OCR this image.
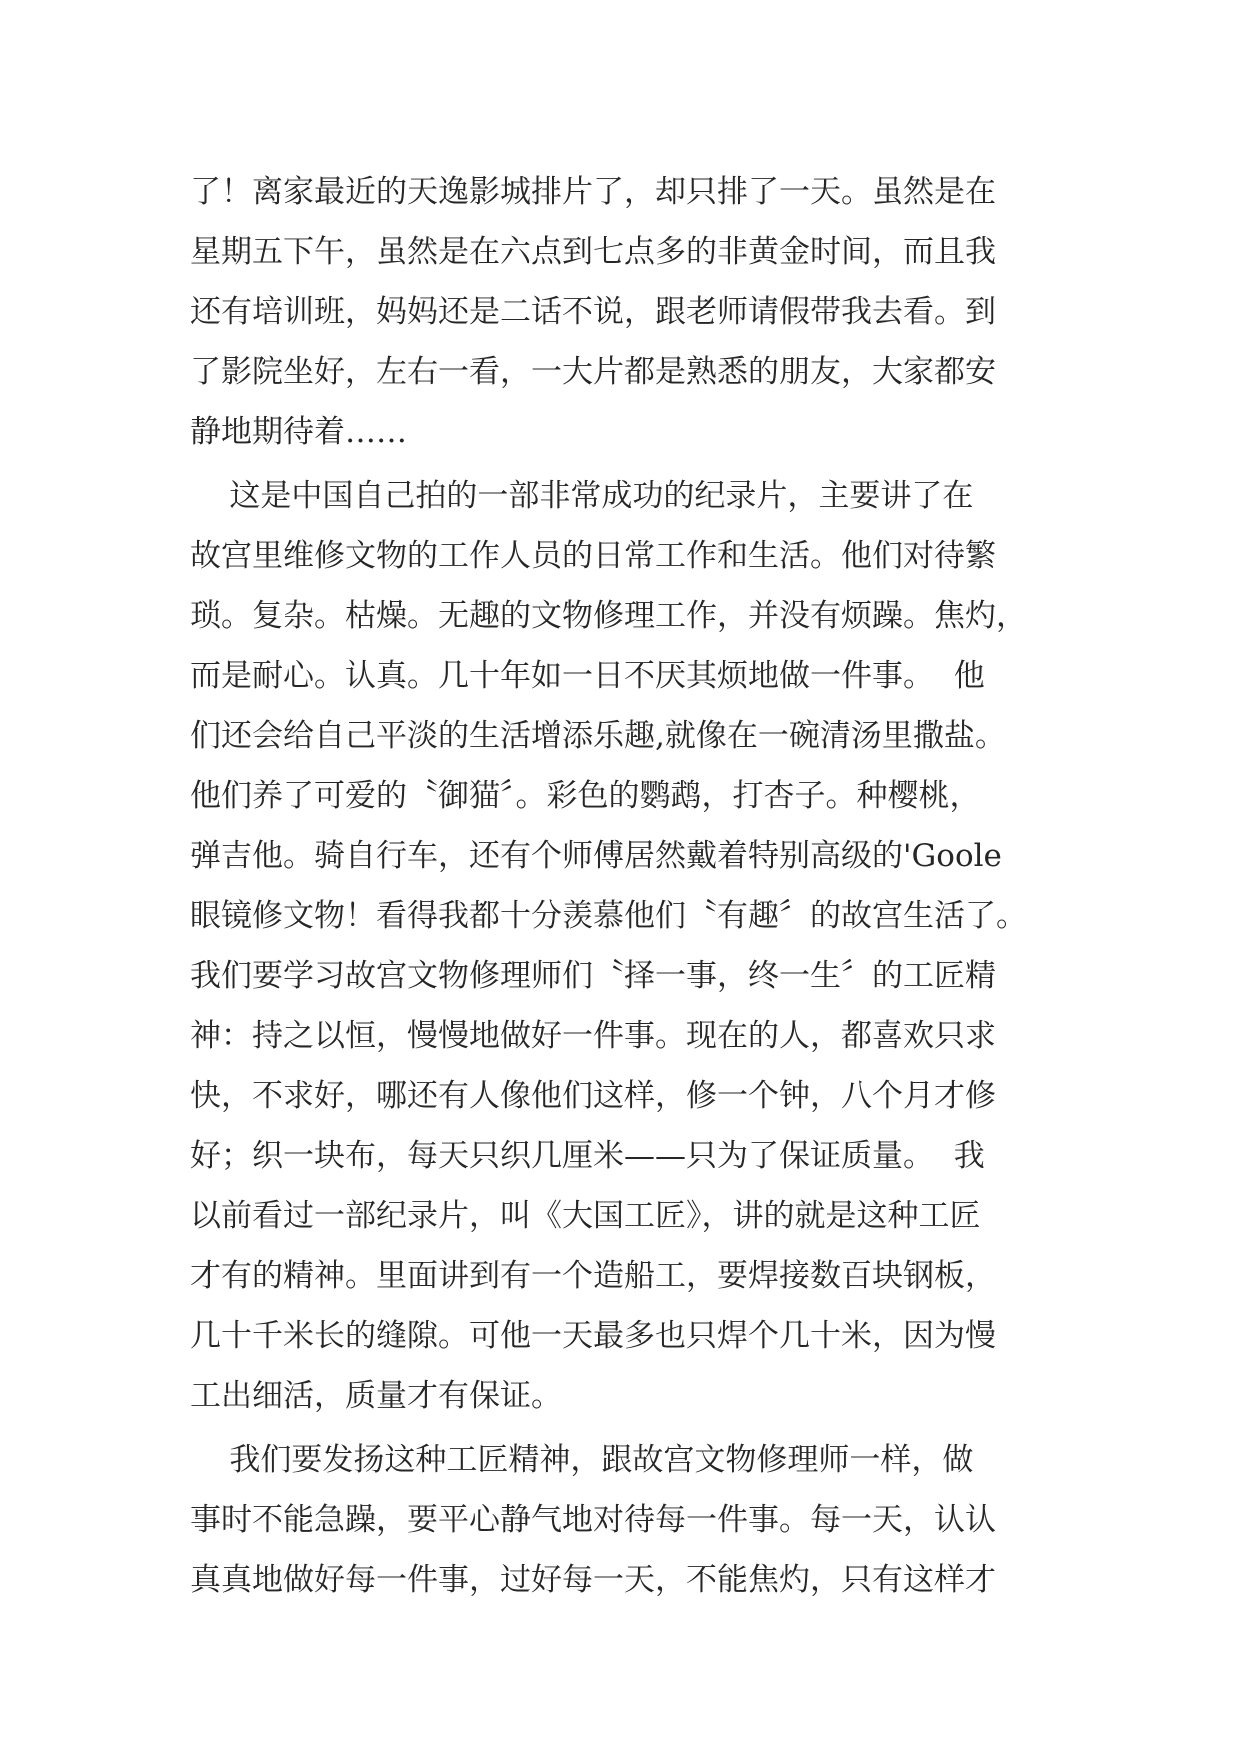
了！离家最近的天逸影城排片了，却只排了一天。虽然是在
星期五下午，虽然是在六点到七点多的非黄金时间，而且我
还有培训班，妈妈还是二话不说，跟老师请假带我去看。到
了影院坐好，左右一看，一大片都是熟悉的朋友，大家都安
静地期待着……
这是中国自己拍的一部非常成功的纪录片，主要讲了在
故宫里维修文物的工作人员的日常工作和生活。他们对待繁
琐。复杂。枯燥。无趣的文物修理工作，并没有烦躁。焦灼，
而是耐心。认真。几十年如一日不厌其烦地做一件事。  他
们还会给自己平淡的生活增添乐趣,就像在一碗清汤里撒盐。
他们养了可爱的〝御猫〞。彩色的鹦鹉，打杏子。种樱桃，
弹吉他。骑自行车，还有个师傅居然戴着特别高级的'Goole
眼镜修文物！看得我都十分羡慕他们〝有趣〞的故宫生活了。
我们要学习故宫文物修理师们〝择一事，终一生〞的工匠精
神：持之以恒，慢慢地做好一件事。现在的人，都喜欢只求
快，不求好，哪还有人像他们这样，修一个钟，八个月才修
好；织一块布，每天只织几厘米——只为了保证质量。  我
以前看过一部纪录片，叫《大国工匠》，讲的就是这种工匠
才有的精神。里面讲到有一个造船工，要焊接数百块钢板，
几十千米长的缝隙。可他一天最多也只焊个几十米，因为慢
工出细活，质量才有保证。
我们要发扬这种工匠精神，跟故宫文物修理师一样，做
事时不能急躁，要平心静气地对待每一件事。每一天，认认
真真地做好每一件事，过好每一天，不能焦灼，只有这样才
